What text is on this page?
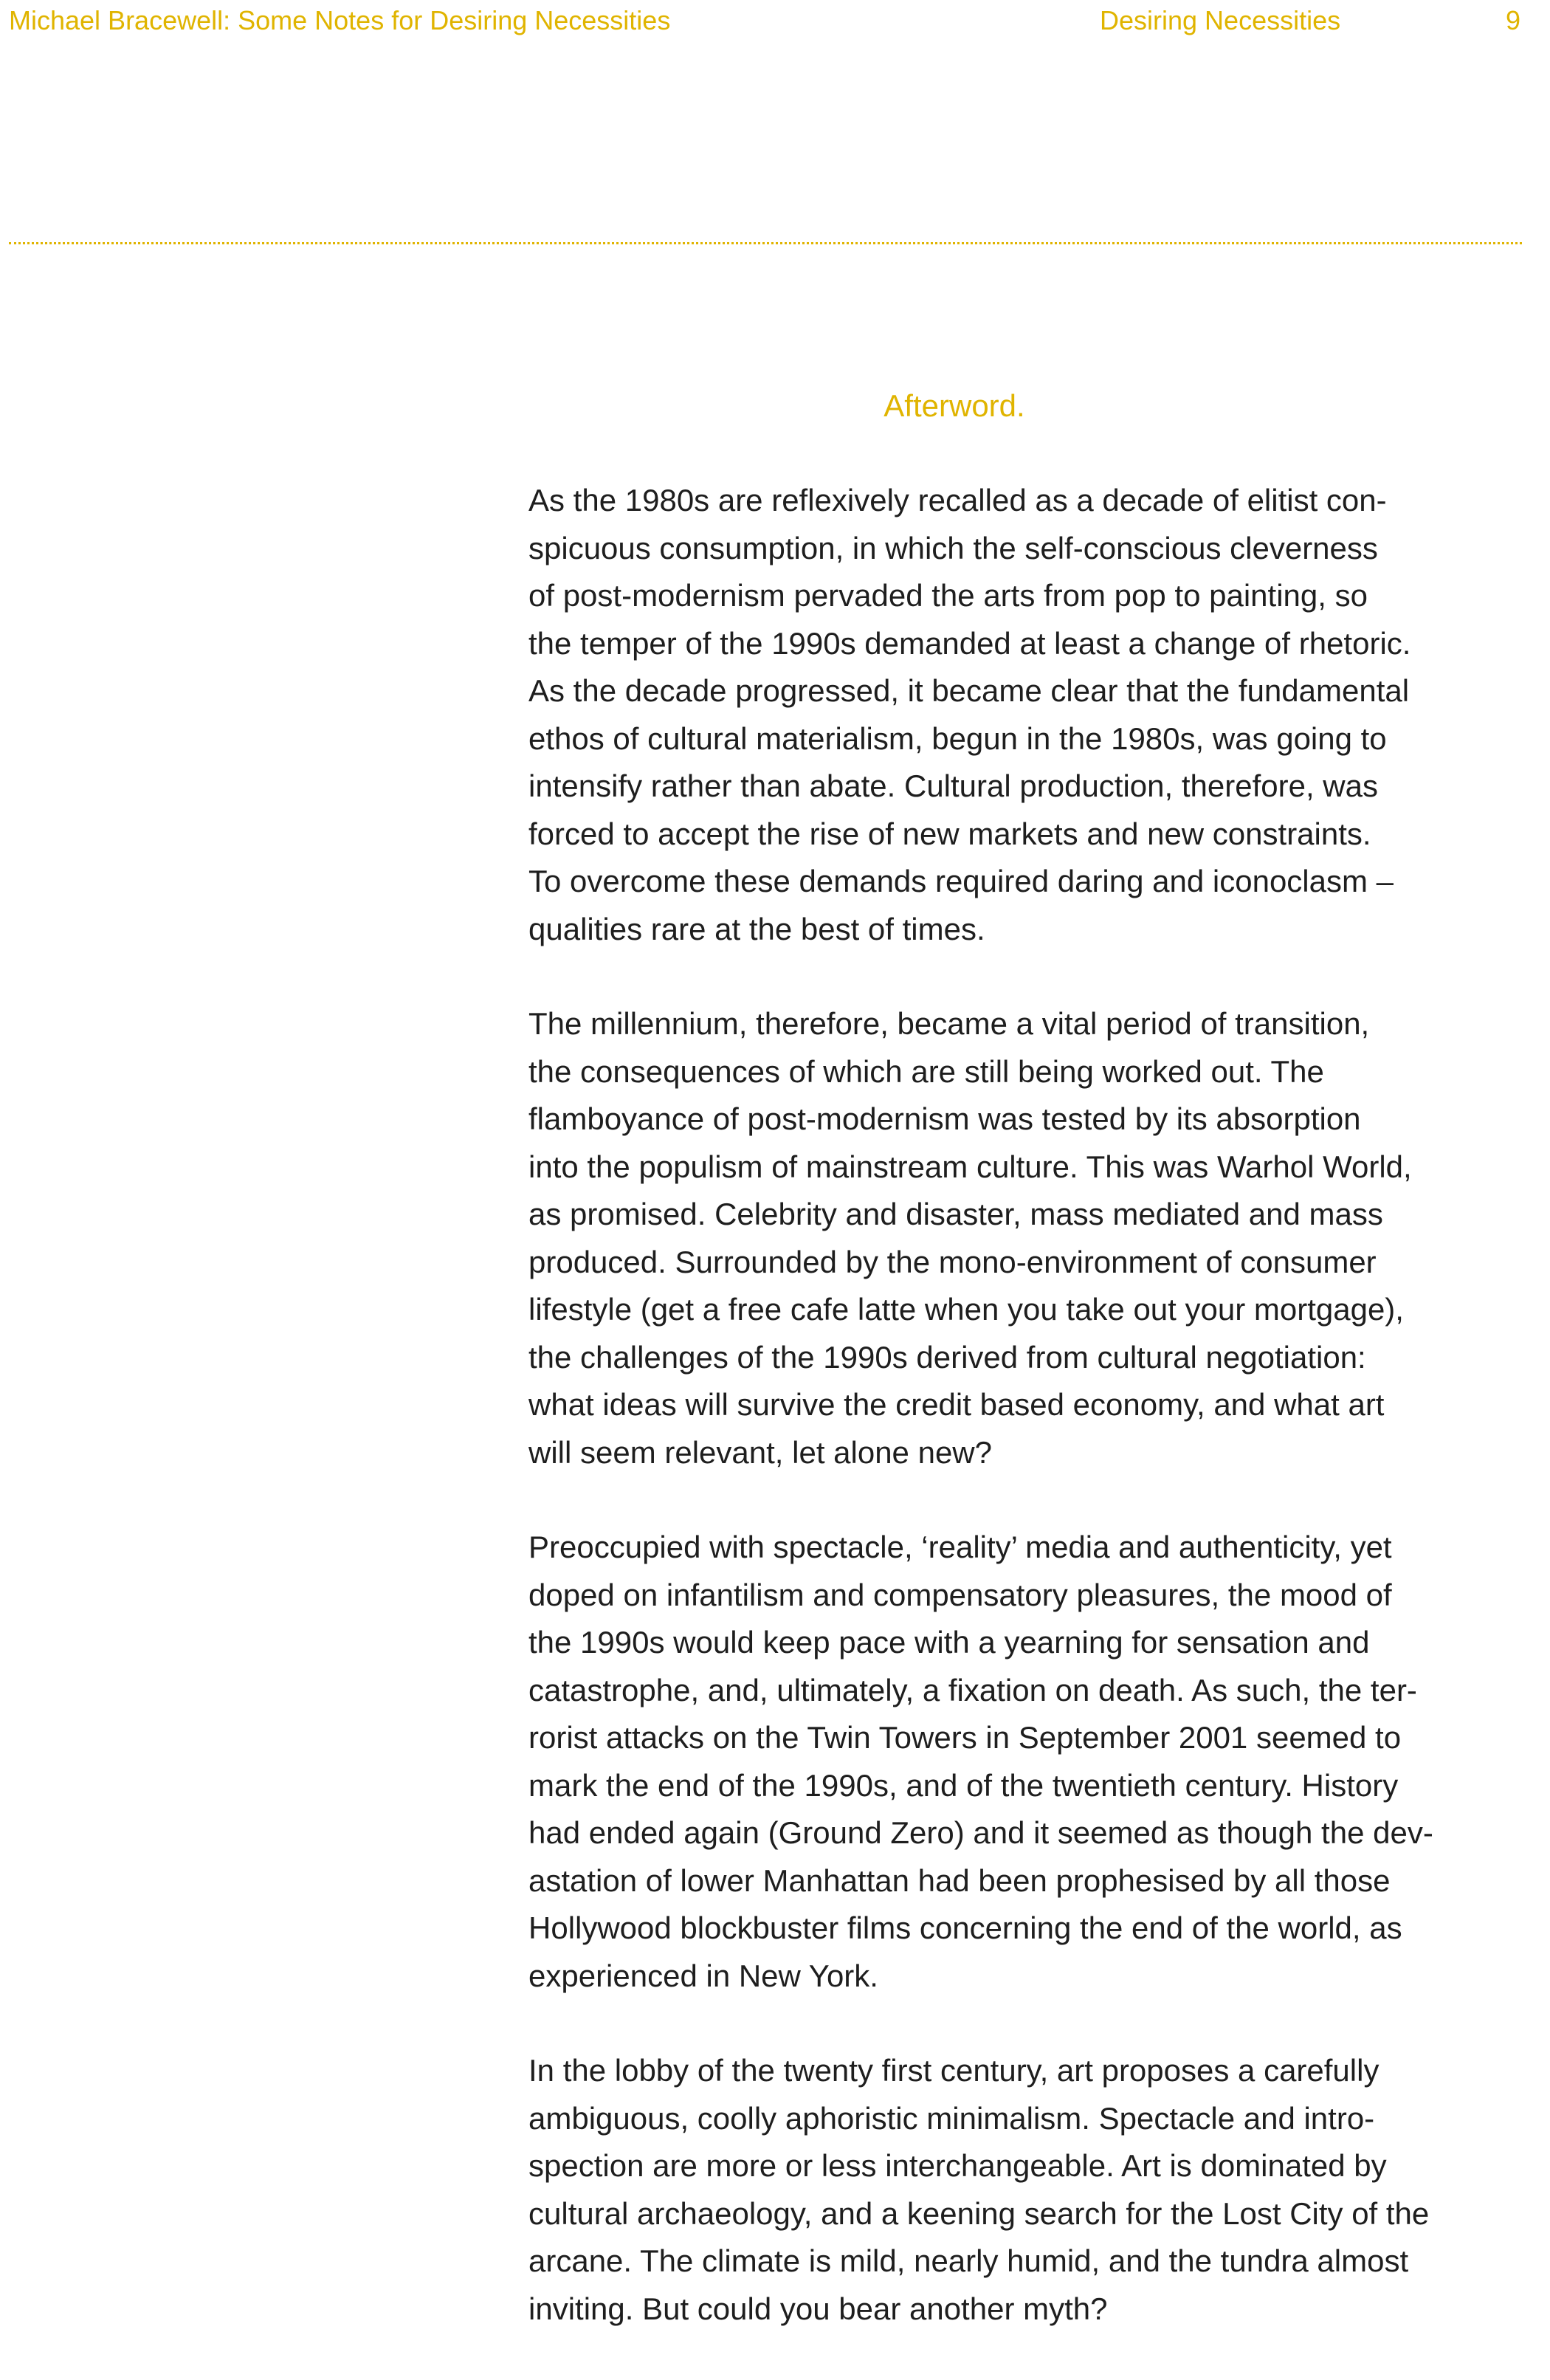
Michael Bracewell: Some Notes for Desiring Necessities	Desiring Necessities	9
Afterword.

As the 1980s are reflexively recalled as a decade of elitist con-
spicuous consumption, in which the self-conscious cleverness
of post-modernism pervaded the arts from pop to painting, so
the temper of the 1990s demanded at least a change of rhetoric.
As the decade progressed, it became clear that the fundamental
ethos of cultural materialism, begun in the 1980s, was going to
intensify rather than abate. Cultural production, therefore, was
forced to accept the rise of new markets and new constraints.
To overcome these demands required daring and iconoclasm –
qualities rare at the best of times.

The millennium, therefore, became a vital period of transition,
the consequences of which are still being worked out. The
flamboyance of post-modernism was tested by its absorption
into the populism of mainstream culture. This was Warhol World,
as promised. Celebrity and disaster, mass mediated and mass
produced. Surrounded by the mono-environment of consumer
lifestyle (get a free cafe latte when you take out your mortgage),
the challenges of the 1990s derived from cultural negotiation:
what ideas will survive the credit based economy, and what art
will seem relevant, let alone new?

Preoccupied with spectacle, ‘reality’ media and authenticity, yet
doped on infantilism and compensatory pleasures, the mood of
the 1990s would keep pace with a yearning for sensation and
catastrophe, and, ultimately, a fixation on death. As such, the ter-
rorist attacks on the Twin Towers in September 2001 seemed to
mark the end of the 1990s, and of the twentieth century. History
had ended again (Ground Zero) and it seemed as though the dev-
astation of lower Manhattan had been prophesised by all those
Hollywood blockbuster films concerning the end of the world, as
experienced in New York.

In the lobby of the twenty first century, art proposes a carefully
ambiguous, coolly aphoristic minimalism. Spectacle and intro-
spection are more or less interchangeable. Art is dominated by
cultural archaeology, and a keening search for the Lost City of the
arcane. The climate is mild, nearly humid, and the tundra almost
inviting. But could you bear another myth?
